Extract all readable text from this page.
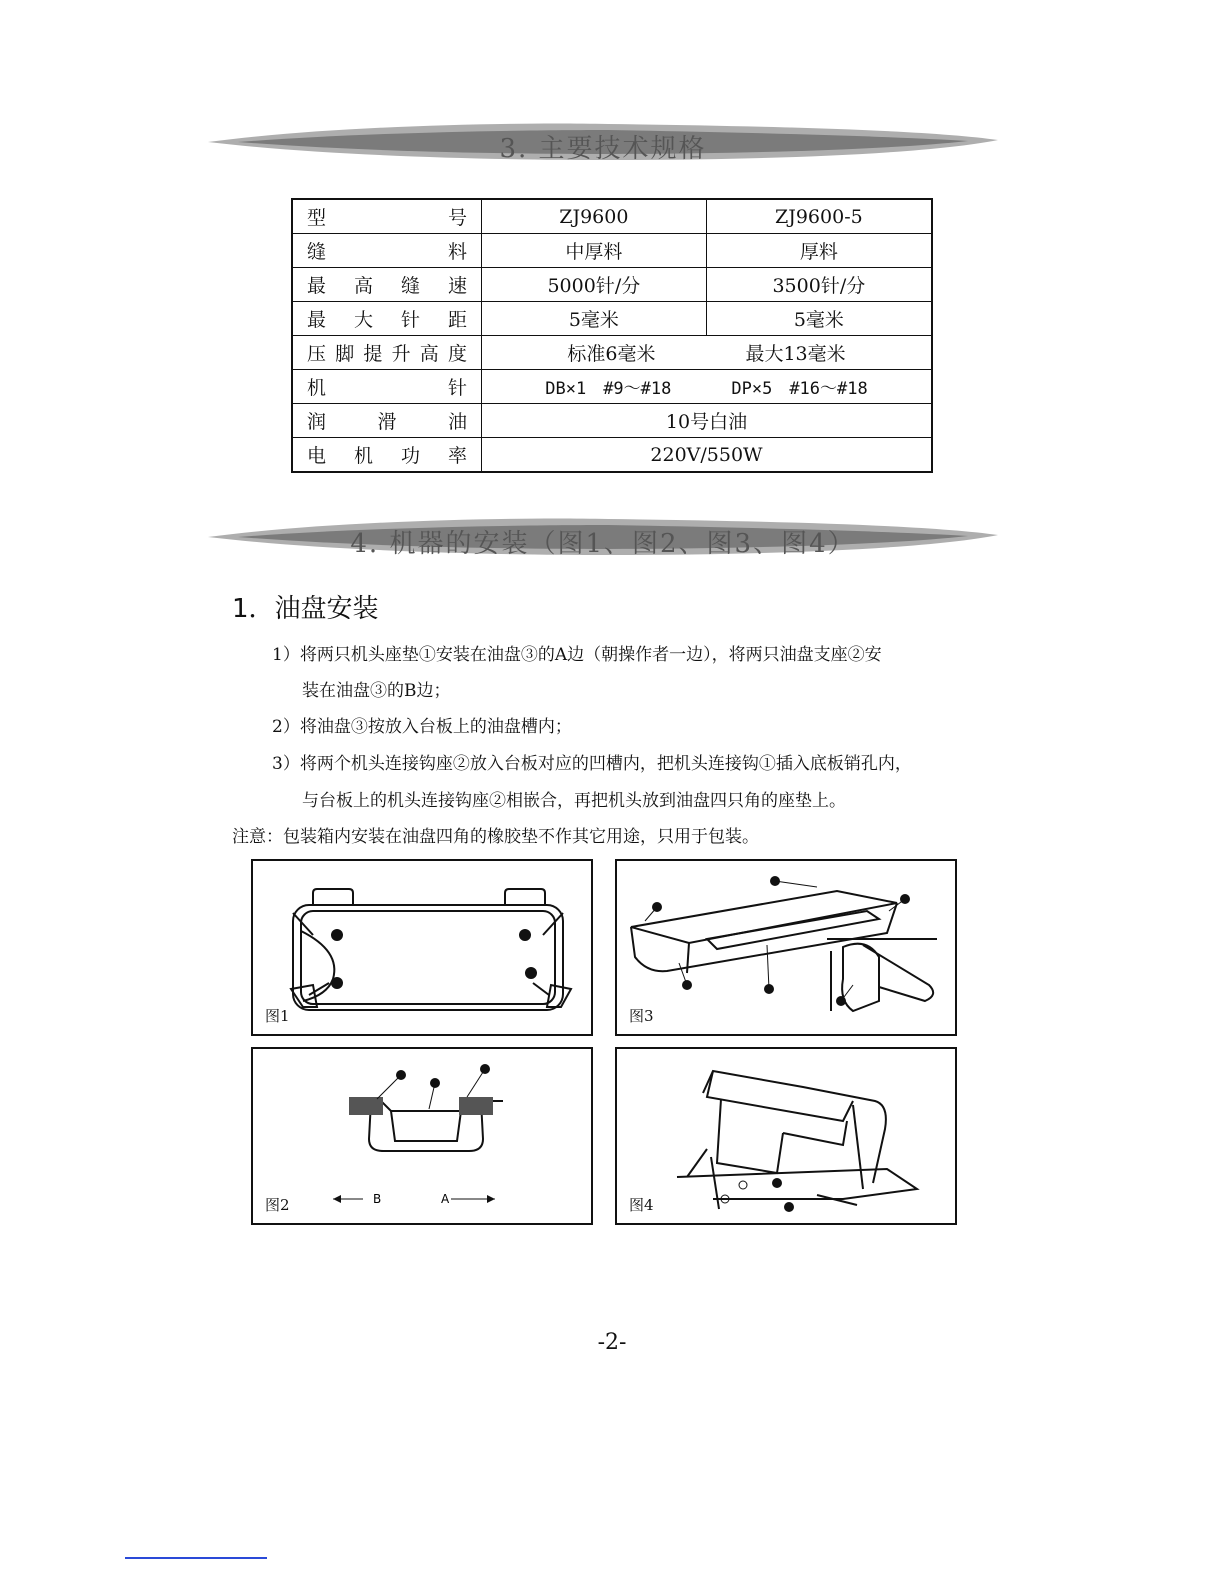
3. 主要技术规格
型　　号	ZJ9600	ZJ9600-5
缝　　料	中厚料	厚料
最高缝速	5000针/分	3500针/分
最大针距	5毫米	5毫米
压脚提升高度	标准6毫米 最大13毫米	
机　　针	DB×1　#9～#18 DP×5　#16～#18	
润滑油	10号白油	
电机功率	220V/550W	
4. 机器的安装（图1、图2、图3、图4）
1．油盘安装
1）将两只机头座垫①安装在油盘③的A边（朝操作者一边），将两只油盘支座②安
装在油盘③的B边；
2）将油盘③按放入台板上的油盘槽内；
3）将两个机头连接钩座②放入台板对应的凹槽内，把机头连接钩①插入底板销孔内，
与台板上的机头连接钩座②相嵌合，再把机头放到油盘四只角的座垫上。
注意：包装箱内安装在油盘四角的橡胶垫不作其它用途，只用于包装。
图1	图3
B	A
图2	图4
-2-
